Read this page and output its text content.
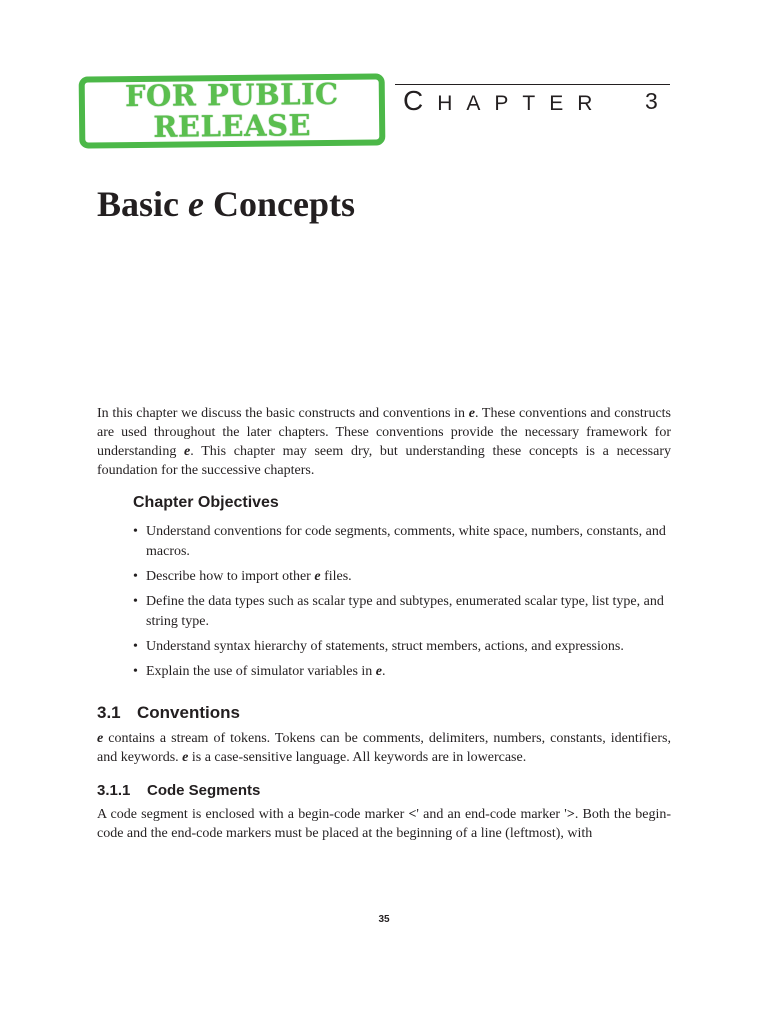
FOR PUBLIC
RELEASE
CHAPTER 3
Basic e Concepts

In this chapter we discuss the basic constructs and conventions in e. These conventions and constructs are used throughout the later chapters. These conventions provide the necessary framework for understanding e. This chapter may seem dry, but understanding these concepts is a necessary foundation for the successive chapters.

Chapter Objectives
• Understand conventions for code segments, comments, white space, numbers, constants, and macros.
• Describe how to import other e files.
• Define the data types such as scalar type and subtypes, enumerated scalar type, list type, and string type.
• Understand syntax hierarchy of statements, struct members, actions, and expressions.
• Explain the use of simulator variables in e.
3.1 Conventions

e contains a stream of tokens. Tokens can be comments, delimiters, numbers, constants, identifiers, and keywords. e is a case-sensitive language. All keywords are in lowercase.

3.1.1 Code Segments

A code segment is enclosed with a begin-code marker <' and an end-code marker '>. Both the begin-code and the end-code markers must be placed at the beginning of a line (leftmost), with

35
